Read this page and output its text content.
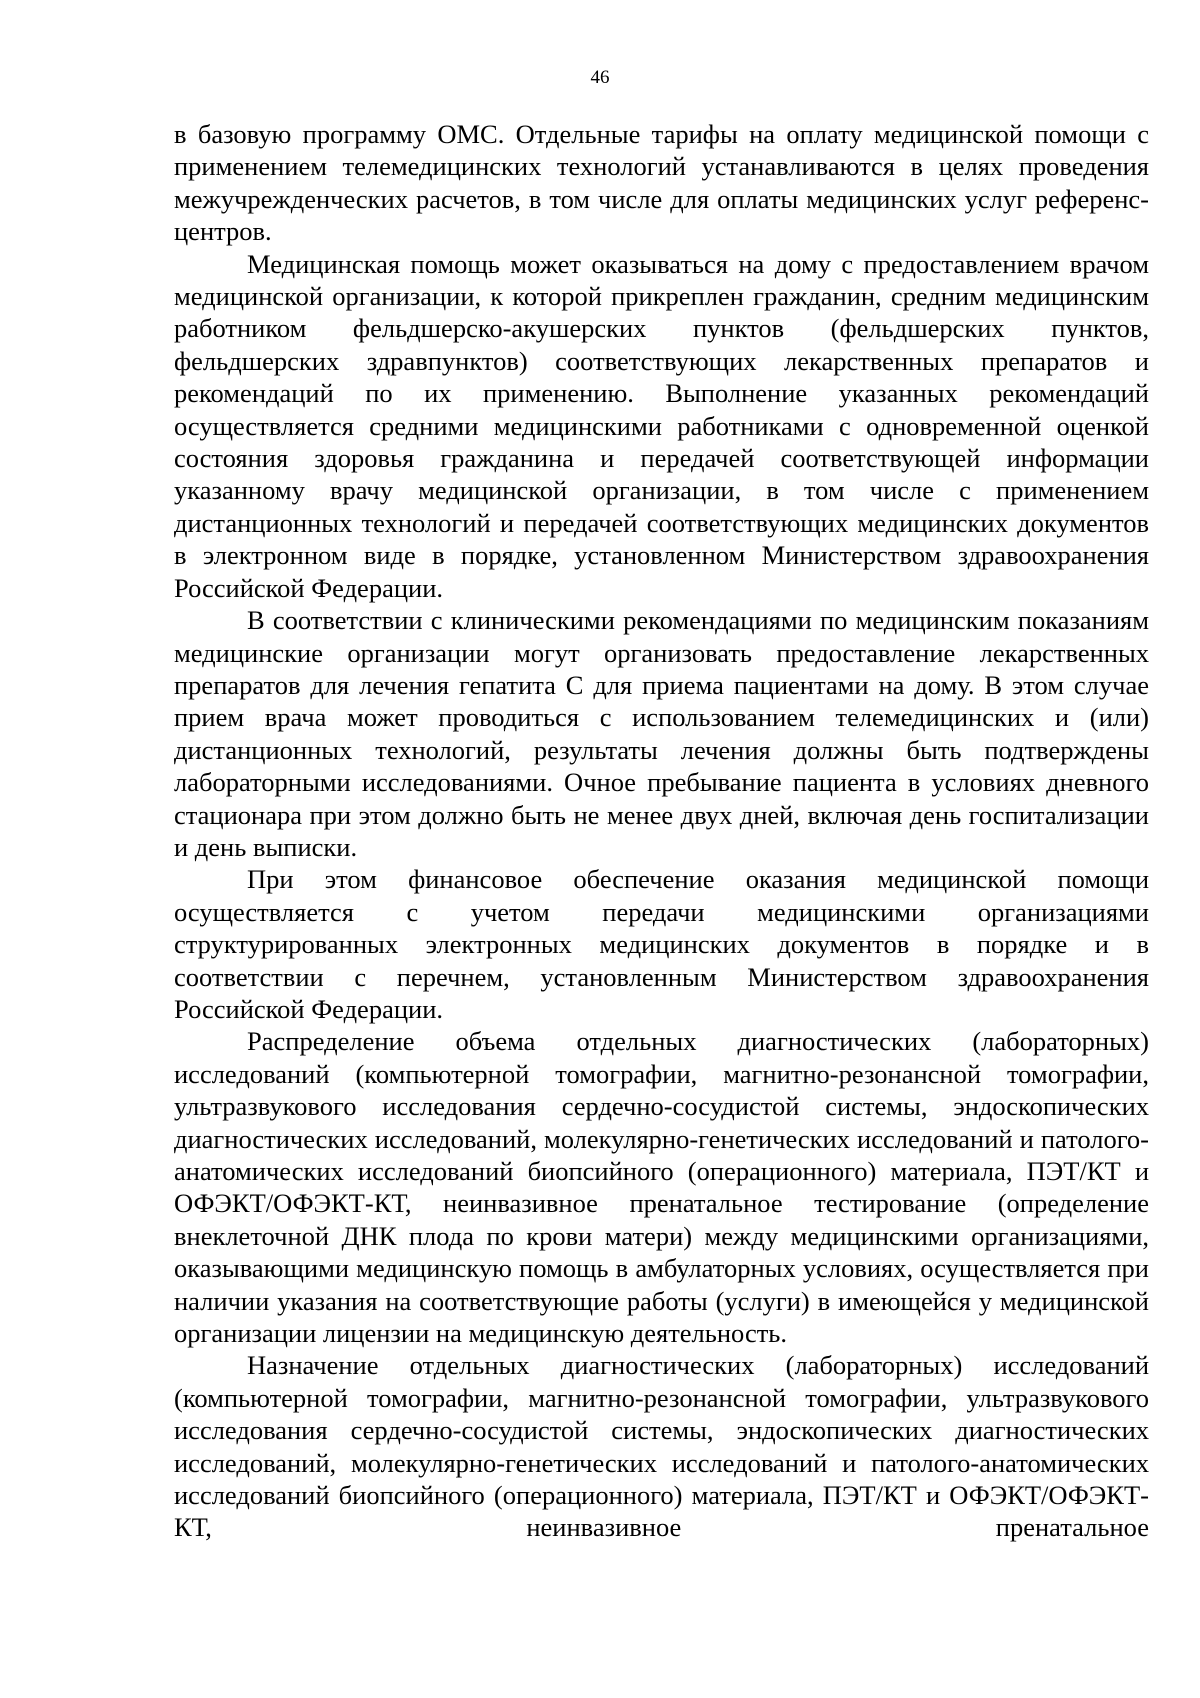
46

в базовую программу ОМС. Отдельные тарифы на оплату медицинской помощи с применением телемедицинских технологий устанавливаются в целях проведения межучрежденческих расчетов, в том числе для оплаты медицинских услуг референс-центров.

Медицинская помощь может оказываться на дому с предоставлением врачом медицинской организации, к которой прикреплен гражданин, средним медицинским работником фельдшерско-акушерских пунктов (фельдшерских пунктов, фельдшерских здравпунктов) соответствующих лекарственных препаратов и рекомендаций по их применению. Выполнение указанных рекомендаций осуществляется средними медицинскими работниками с одновременной оценкой состояния здоровья гражданина и передачей соответствующей информации указанному врачу медицинской организации, в том числе с применением дистанционных технологий и передачей соответствующих медицинских документов в электронном виде в порядке, установленном Министерством здравоохранения Российской Федерации.

В соответствии с клиническими рекомендациями по медицинским показаниям медицинские организации могут организовать предоставление лекарственных препаратов для лечения гепатита С для приема пациентами на дому. В этом случае прием врача может проводиться с использованием телемедицинских и (или) дистанционных технологий, результаты лечения должны быть подтверждены лабораторными исследованиями. Очное пребывание пациента в условиях дневного стационара при этом должно быть не менее двух дней, включая день госпитализации и день выписки.

При этом финансовое обеспечение оказания медицинской помощи осуществляется с учетом передачи медицинскими организациями структурированных электронных медицинских документов в порядке и в соответствии с перечнем, установленным Министерством здравоохранения Российской Федерации.

Распределение объема отдельных диагностических (лабораторных) исследований (компьютерной томографии, магнитно-резонансной томографии, ультразвукового исследования сердечно-сосудистой системы, эндоскопических диагностических исследований, молекулярно-генетических исследований и патолого-анатомических исследований биопсийного (операционного) материала, ПЭТ/КТ и ОФЭКТ/ОФЭКТ-КТ, неинвазивное пренатальное тестирование (определение внеклеточной ДНК плода по крови матери) между медицинскими организациями, оказывающими медицинскую помощь в амбулаторных условиях, осуществляется при наличии указания на соответствующие работы (услуги) в имеющейся у медицинской организации лицензии на медицинскую деятельность.

Назначение отдельных диагностических (лабораторных) исследований (компьютерной томографии, магнитно-резонансной томографии, ультразвукового исследования сердечно-сосудистой системы, эндоскопических диагностических исследований, молекулярно-генетических исследований и патолого-анатомических исследований биопсийного (операционного) материала, ПЭТ/КТ и ОФЭКТ/ОФЭКТ-КТ, неинвазивное пренатальное
